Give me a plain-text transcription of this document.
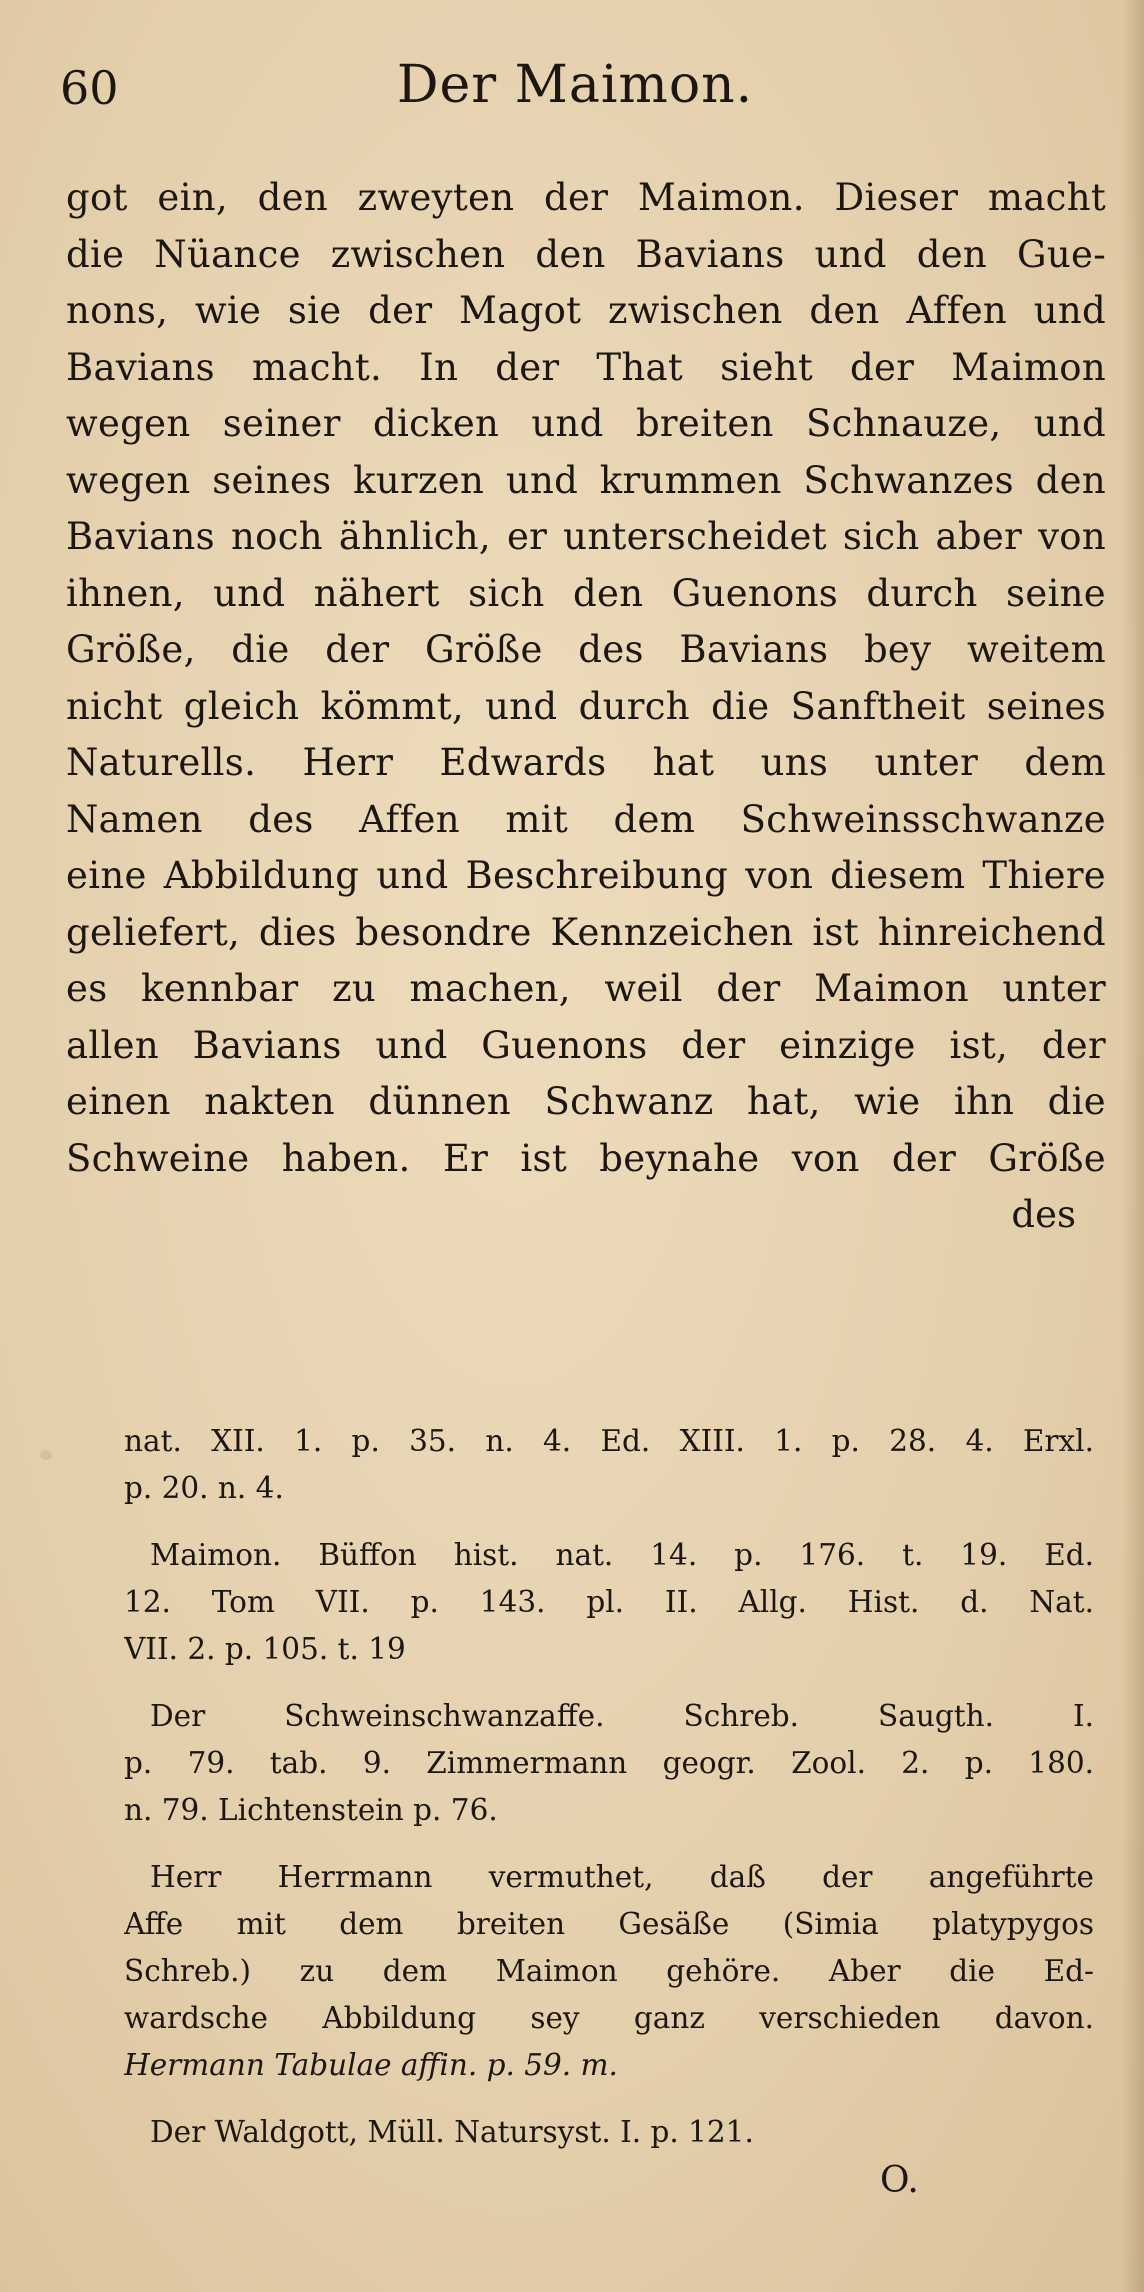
60	Der Maimon.
got ein, den zweyten der Maimon. Dieser macht
die Nüance zwischen den Bavians und den Gue-
nons, wie sie der Magot zwischen den Affen und
Bavians macht. In der That sieht der Maimon
wegen seiner dicken und breiten Schnauze, und
wegen seines kurzen und krummen Schwanzes den
Bavians noch ähnlich, er unterscheidet sich aber von
ihnen, und nähert sich den Guenons durch seine
Größe, die der Größe des Bavians bey weitem
nicht gleich kömmt, und durch die Sanftheit seines
Naturells. Herr Edwards hat uns unter dem
Namen des Affen mit dem Schweinsschwanze
eine Abbildung und Beschreibung von diesem Thiere
geliefert, dies besondre Kennzeichen ist hinreichend
es kennbar zu machen, weil der Maimon unter
allen Bavians und Guenons der einzige ist, der
einen nakten dünnen Schwanz hat, wie ihn die
Schweine haben. Er ist beynahe von der Größe
des
nat. XII. 1. p. 35. n. 4. Ed. XIII. 1. p. 28. 4. Erxl.
p. 20. n. 4.
Maimon. Büffon hist. nat. 14. p. 176. t. 19. Ed.
12. Tom VII. p. 143. pl. II. Allg. Hist. d. Nat.
VII. 2. p. 105. t. 19
Der Schweinschwanzaffe. Schreb. Saugth. I.
p. 79. tab. 9. Zimmermann geogr. Zool. 2. p. 180.
n. 79. Lichtenstein p. 76.
Herr Herrmann vermuthet, daß der angeführte
Affe mit dem breiten Gesäße (Simia platypygos
Schreb.) zu dem Maimon gehöre. Aber die Ed-
wardsche Abbildung sey ganz verschieden davon.
Hermann Tabulae affin. p. 59. m.
Der Waldgott, Müll. Natursyst. I. p. 121.
O.
